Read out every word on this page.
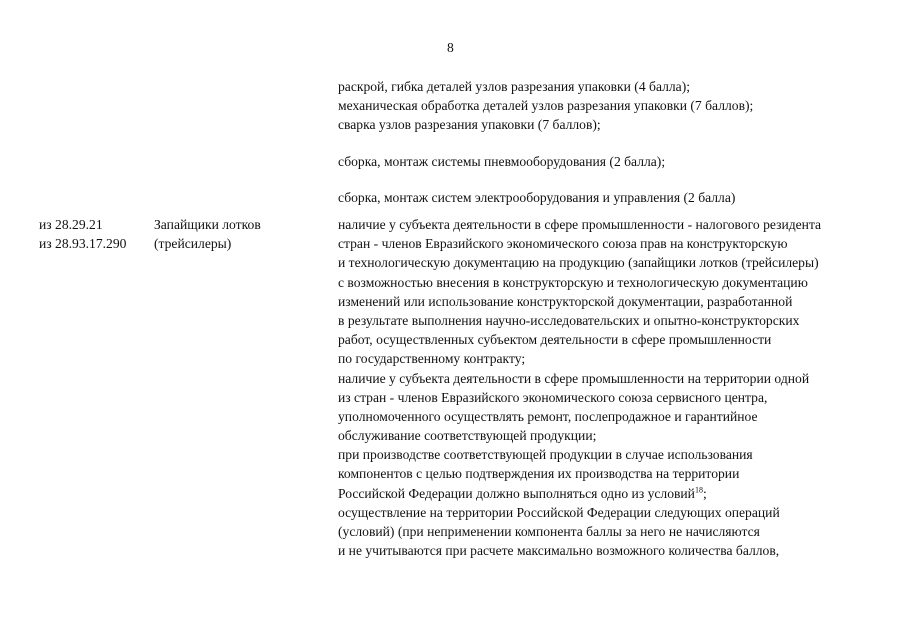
8
раскрой, гибка деталей узлов разрезания упаковки (4 балла);
механическая обработка деталей узлов разрезания упаковки (7 баллов);
сварка узлов разрезания упаковки (7 баллов);
сборка, монтаж системы пневмооборудования (2 балла);
сборка, монтаж систем электрооборудования и управления (2 балла)
из 28.29.21
из 28.93.17.290
Запайщики лотков
(трейсилеры)
наличие у субъекта деятельности в сфере промышленности - налогового резидента
стран - членов Евразийского экономического союза прав на конструкторскую
и технологическую документацию на продукцию (запайщики лотков (трейсилеры)
с возможностью внесения в конструкторскую и технологическую документацию
изменений или использование конструкторской документации, разработанной
в результате выполнения научно-исследовательских и опытно-конструкторских
работ, осуществленных субъектом деятельности в сфере промышленности
по государственному контракту;
наличие у субъекта деятельности в сфере промышленности на территории одной
из стран - членов Евразийского экономического союза сервисного центра,
уполномоченного осуществлять ремонт, послепродажное и гарантийное
обслуживание соответствующей продукции;
при производстве соответствующей продукции в случае использования
компонентов с целью подтверждения их производства на территории
Российской Федерации должно выполняться одно из условий$^{18}$;
осуществление на территории Российской Федерации следующих операций
(условий) (при неприменении компонента баллы за него не начисляются
и не учитываются при расчете максимально возможного количества баллов,
